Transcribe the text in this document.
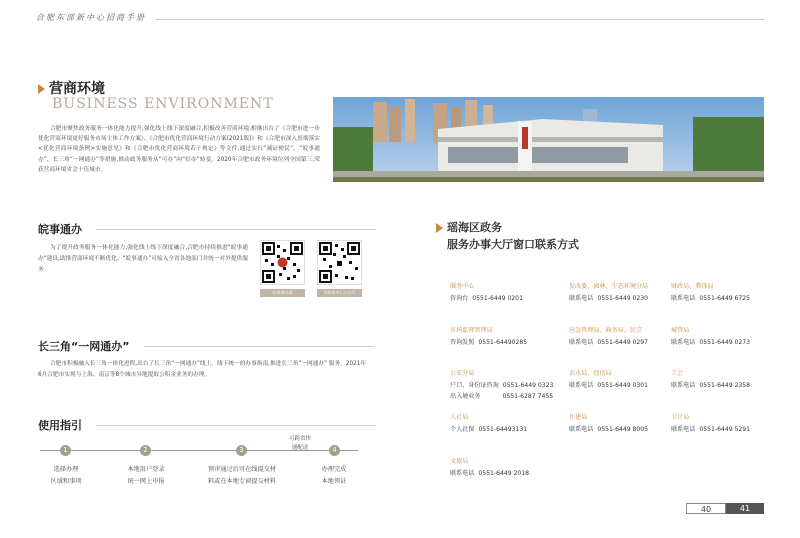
合肥东部新中心招商手册
营商环境
BUSINESS ENVIRONMENT

合肥市聚焦政务服务一体化能力提升,强化线上线下深度融合,积极改善营商环境,相继出台了《合肥市进一步优化营商环境更好服务市场主体工作方案》、《合肥市优化营商环境行动方案(2021版)》和《合肥市深入贯彻落实<优化营商环境条例>实施意见》和《合肥市优化营商环境若干规定》等文件,通过实行“减证便民”、“皖事通办”、长三角“一网通办”等措施,推动政务服务从“可办”向“好办”转变。2020年合肥市政务环境位列全国第三,荣获营商环境省会十佳城市。

皖事通办

为了提升政务服务一体化能力,强化线上线下深度融合,合肥市持续推进“皖事通办”建设,助推营商环境不断优化。“皖事通办”可接入全省各地部门并统一对外提供服务。

皖事通官网	市政务中心公众号
长三角“一网通办”

合肥市积极融入长三角一体化进程,出台了长三角“一网通办”线上、线下统一的办事指南,推进长三角“一网通办” 服务。2021年6月合肥市实现与上海、南京等8个城市异地提取公积金业务的办理。

使用指引
1	2	3	4
可跨省快递配送
选择办理
区域和事项
本地用户登录
统一网上申报
预审通过后可在线提交材
料或在本地专窗提交材料
办理完成
本地领证
瑶海区政务
服务办事大厅窗口联系方式
服务中心
咨询台 0551-6449 0201
发改委、园林、生态环境分局
联系电话 0551-6449 0230
财政局、教体局
联系电话 0551-6449 6725
市场监督管理局
咨询发照 0551-64490285
应急管理局、商务局、民宗
联系电话 0551-6449 0297
城管局
联系电话 0551-6449 0273
公安分局
户口、身份证咨询 0551-6449 0323
出入境业务	0551-6287 7455
农水局、经信局
联系电话 0551-6449 0301
工会
联系电话 0551-6449 2358
人社局
个人社保 0551-64493131
住建局
联系电话 0551-6449 8005
卫计局
联系电话 0551-6449 5291
文旅局
联系电话 0551-6449 2018
40	41
